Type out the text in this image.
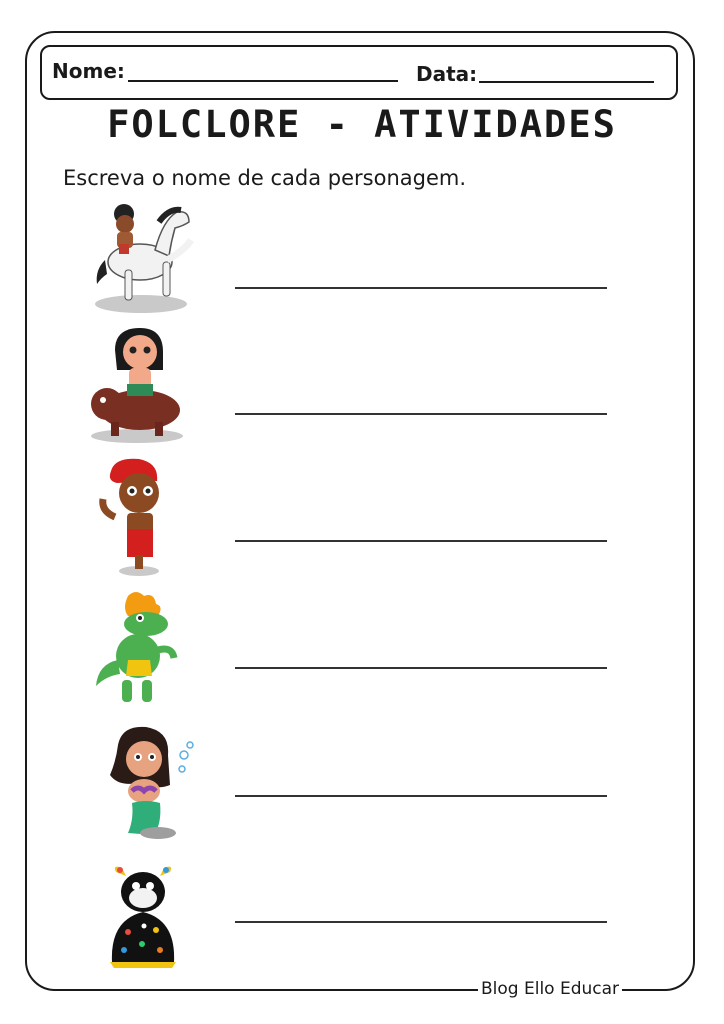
Nome:	Data:
FOLCLORE - ATIVIDADES
Escreva o nome de cada personagem.
Blog Ello Educar
